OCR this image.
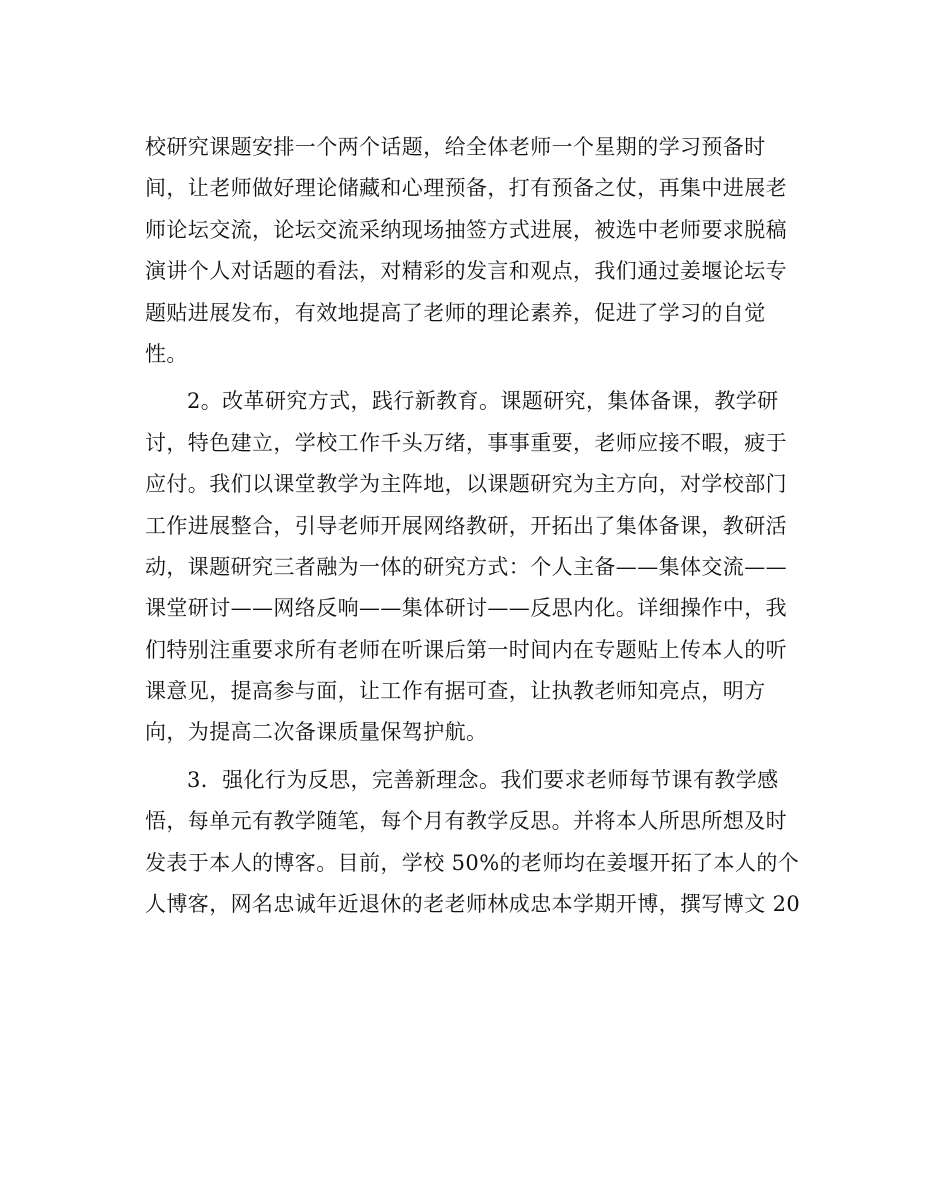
校研究课题安排一个两个话题，给全体老师一个星期的学习预备时
间，让老师做好理论储藏和心理预备，打有预备之仗，再集中进展老
师论坛交流，论坛交流采纳现场抽签方式进展，被选中老师要求脱稿
演讲个人对话题的看法，对精彩的发言和观点，我们通过姜堰论坛专
题贴进展发布，有效地提高了老师的理论素养，促进了学习的自觉
性。
2。改革研究方式，践行新教育。课题研究，集体备课，教学研
讨，特色建立，学校工作千头万绪，事事重要，老师应接不暇，疲于
应付。我们以课堂教学为主阵地，以课题研究为主方向，对学校部门
工作进展整合，引导老师开展网络教研，开拓出了集体备课，教研活
动，课题研究三者融为一体的研究方式：个人主备——集体交流——
课堂研讨——网络反响——集体研讨——反思内化。详细操作中，我
们特别注重要求所有老师在听课后第一时间内在专题贴上传本人的听
课意见，提高参与面，让工作有据可查，让执教老师知亮点，明方
向，为提高二次备课质量保驾护航。
3．强化行为反思，完善新理念。我们要求老师每节课有教学感
悟，每单元有教学随笔，每个月有教学反思。并将本人所思所想及时
发表于本人的博客。目前，学校 50%的老师均在姜堰开拓了本人的个
人博客，网名忠诚年近退休的老老师林成忠本学期开博，撰写博文 20
